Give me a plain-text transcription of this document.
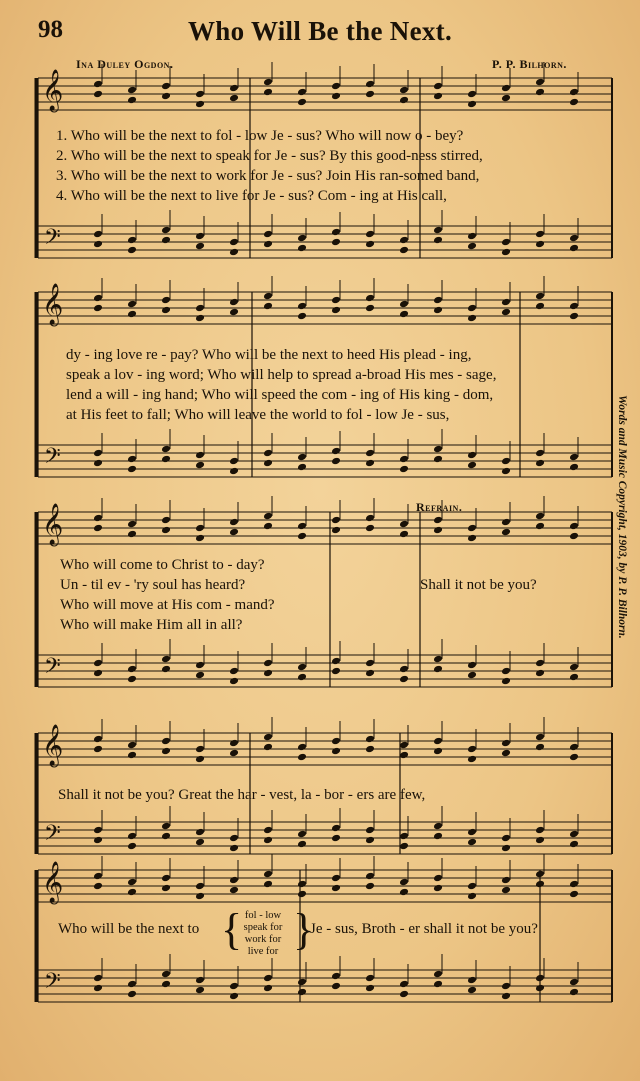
98	Who Will Be the Next.
Ina Duley Ogdon.	P. P. Bilhorn.
𝄞
𝄢
𝄞
𝄢
𝄞
𝄢
𝄞
𝄢
𝄞
𝄢
1. Who will be the next to fol - low Je - sus? Who will now o - bey?
2. Who will be the next to speak for Je - sus? By this good-ness stirred,
3. Who will be the next to work for Je - sus? Join His ran-somed band,
4. Who will be the next to live for Je - sus? Com - ing at His call,
dy - ing love re - pay? Who will be the next to heed His plead - ing,
speak a lov - ing word; Who will help to spread a-broad His mes - sage,
lend a will - ing hand; Who will speed the com - ing of His king - dom,
at His feet to fall; Who will leave the world to fol - low Je - sus,
Refrain.
Who will come to Christ to - day?
Un - til ev - 'ry soul has heard?
Who will move at His com - mand?
Who will make Him all in all?
Shall it not be you?
Shall it not be you? Great the har - vest, la - bor - ers are few,
Who will be the next to { fol - low
speak for
work for
live for }
Je - sus, Broth - er shall it not be you?
Words and Music Copyright, 1903, by P. P. Bilhorn.
